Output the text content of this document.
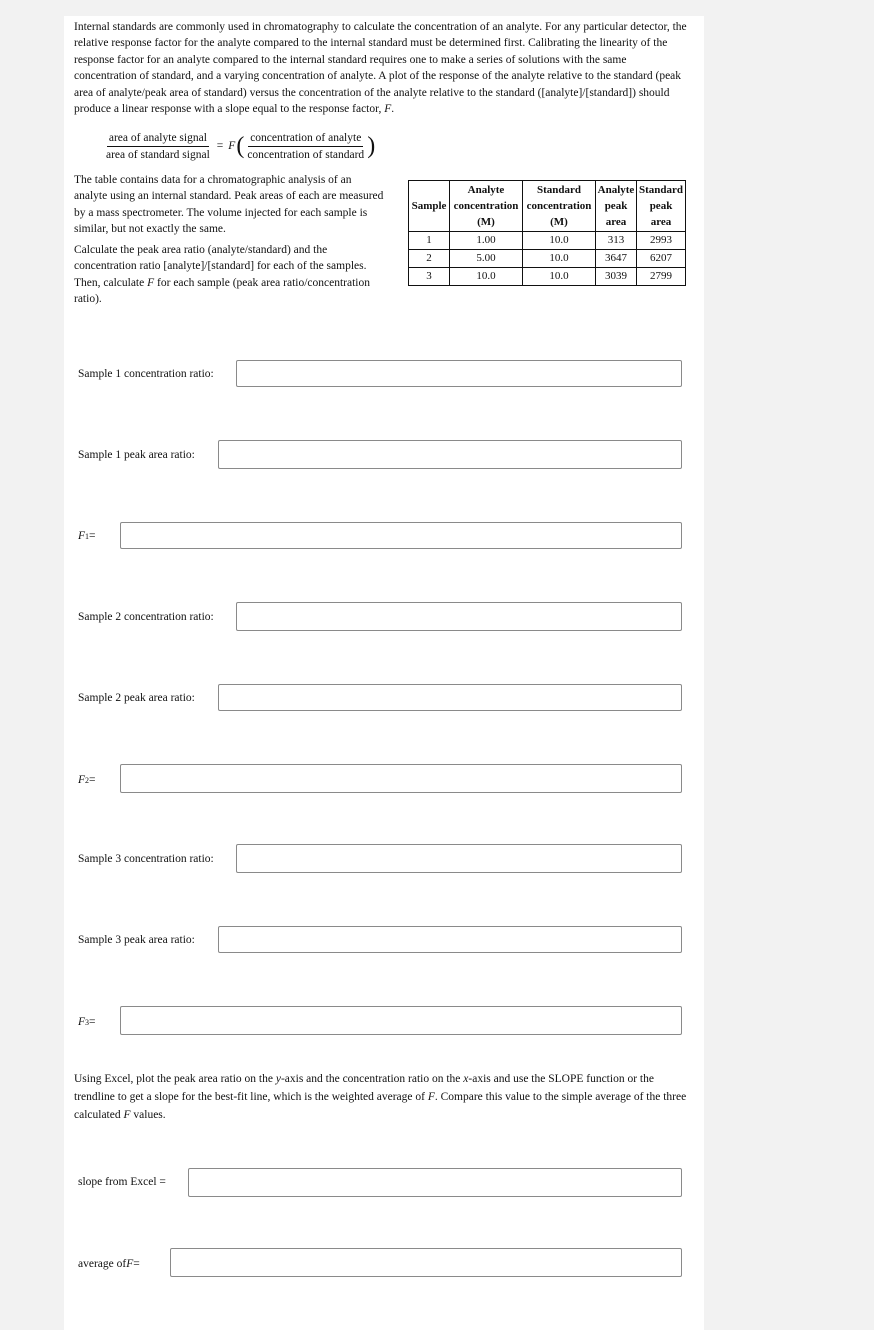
Internal standards are commonly used in chromatography to calculate the concentration of an analyte. For any particular detector, the relative response factor for the analyte compared to the internal standard must be determined first. Calibrating the linearity of the response factor for an analyte compared to the internal standard requires one to make a series of solutions with the same concentration of standard, and a varying concentration of analyte. A plot of the response of the analyte relative to the standard (peak area of analyte/peak area of standard) versus the concentration of the analyte relative to the standard ([analyte]/[standard]) should produce a linear response with a slope equal to the response factor, F.

$\frac{\text{area of analyte signal}}{\text{area of standard signal}} = F$ ( $\frac{\text{concentration of analyte}}{\text{concentration of standard}}$ )

The table contains data for a chromatographic analysis of an analyte using an internal standard. Peak areas of each are measured by a mass spectrometer. The volume injected for each sample is similar, but not exactly the same.

Calculate the peak area ratio (analyte/standard) and the concentration ratio [analyte]/[standard] for each of the samples. Then, calculate F for each sample (peak area ratio/concentration ratio).

Sample	Analyte
concentration
(M)	Standard
concentration
(M)	Analyte
peak
area	Standard
peak
area
1	1.00	10.0	313	2993
2	5.00	10.0	3647	6207
3	10.0	10.0	3039	2799
Sample 1 concentration ratio:
Sample 1 peak area ratio:
F 1 =
Sample 2 concentration ratio:
Sample 2 peak area ratio:
F 2 =
Sample 3 concentration ratio:
Sample 3 peak area ratio:
F 3 =

Using Excel, plot the peak area ratio on the y-axis and the concentration ratio on the x-axis and use the SLOPE function or the trendline to get a slope for the best-fit line, which is the weighted average of F. Compare this value to the simple average of the three calculated F values.

slope from Excel =
average of F =
